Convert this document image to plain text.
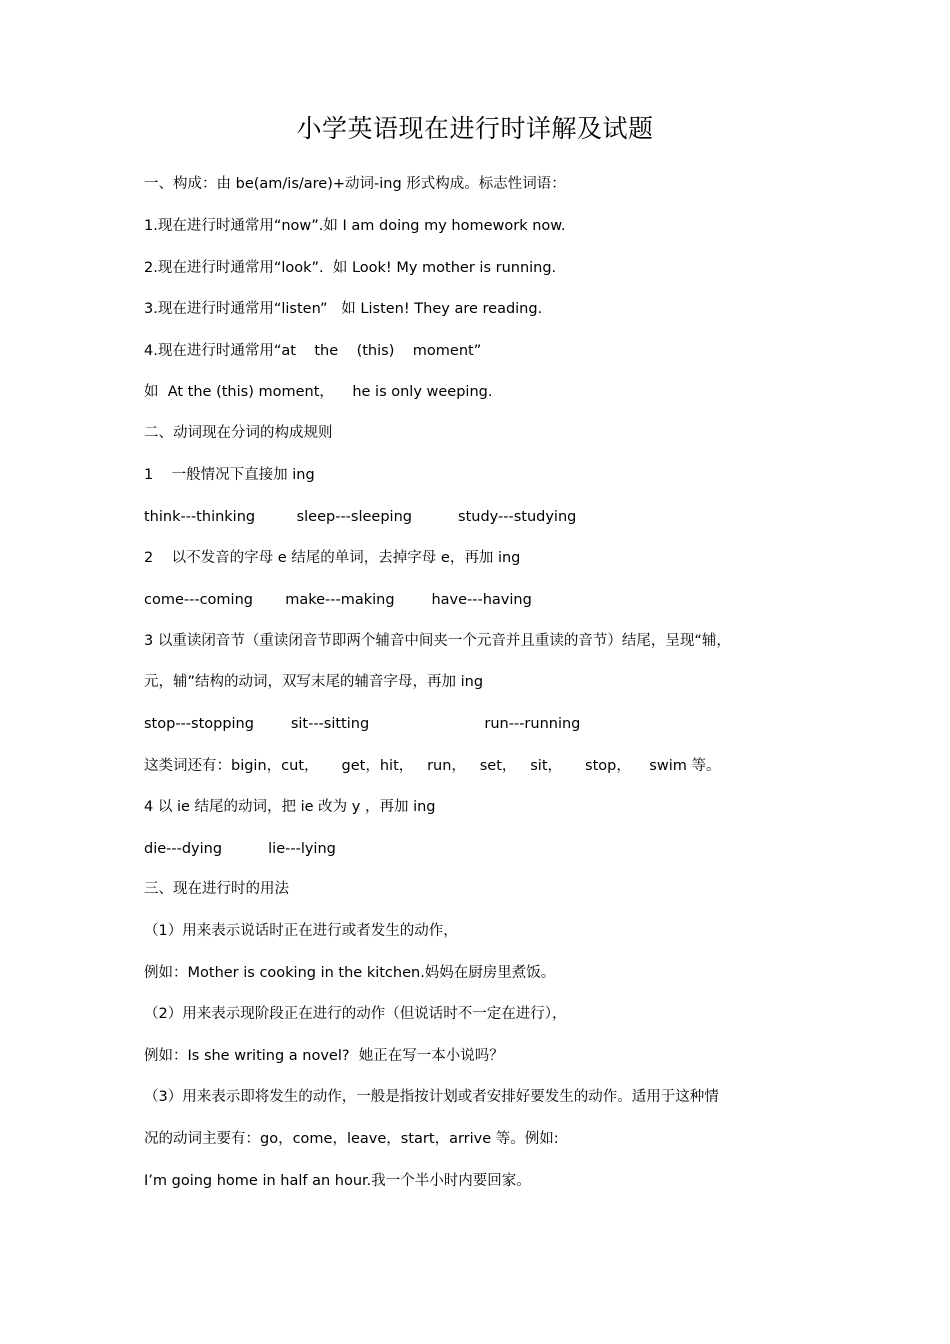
小学英语现在进行时详解及试题
一、构成：由 be(am/is/are)+动词-ing 形式构成。标志性词语：
1.现在进行时通常用“now”.如 I am doing my homework now.
2.现在进行时通常用“look”.  如 Look! My mother is running.
3.现在进行时通常用“listen”   如 Listen! They are reading.
4.现在进行时通常用“at    the    (this)    moment”
如  At the (this) moment，    he is only weeping.
二、动词现在分词的构成规则
1    一般情况下直接加 ing
think---thinking         sleep---sleeping          study---studying
2    以不发音的字母 e 结尾的单词，去掉字母 e，再加 ing
come---coming       make---making        have---having
3 以重读闭音节（重读闭音节即两个辅音中间夹一个元音并且重读的音节）结尾，呈现“辅，
元，辅”结构的动词，双写末尾的辅音字母，再加 ing
stop---stopping        sit---sitting                         run---running
这类词还有：bigin，cut，     get，hit，   run，   set，   sit，     stop，    swim 等。
4 以 ie 结尾的动词，把 ie 改为 y ，再加 ing
die---dying          lie---lying
三、现在进行时的用法
（1）用来表示说话时正在进行或者发生的动作，
例如：Mother is cooking in the kitchen.妈妈在厨房里煮饭。
（2）用来表示现阶段正在进行的动作（但说话时不一定在进行），
例如：Is she writing a novel?  她正在写一本小说吗？
（3）用来表示即将发生的动作，一般是指按计划或者安排好要发生的动作。适用于这种情
况的动词主要有：go，come，leave，start，arrive 等。例如:
I’m going home in half an hour.我一个半小时内要回家。
